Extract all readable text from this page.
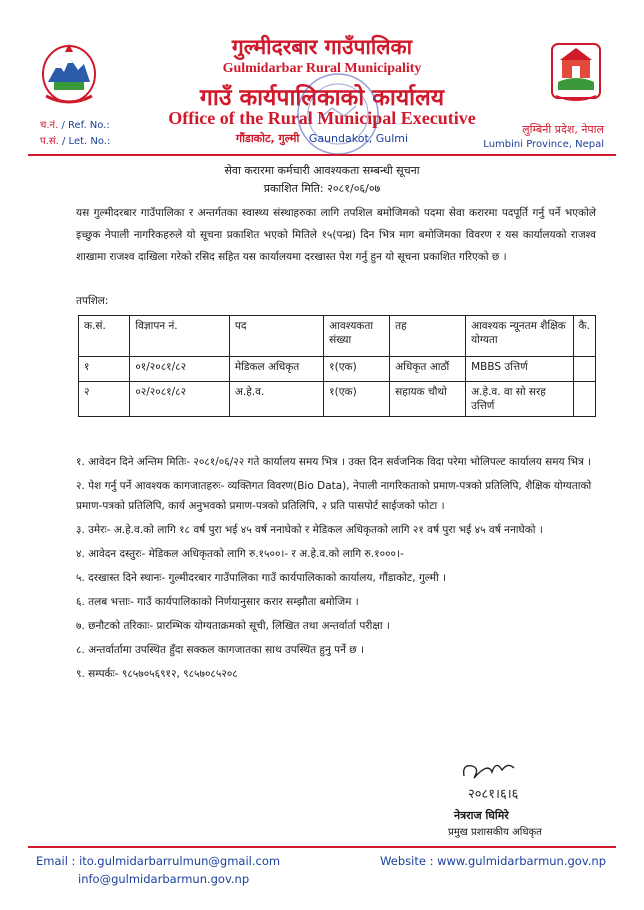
गुल्मीदरबार गाउँपालिका
Gulmidarbar Rural Municipality
गाउँ कार्यपालिकाको कार्यालय
Office of the Rural Municipal Executive
गौंडाकोट, गुल्मी Gaundakot, Gulmi
च.नं. / Ref. No.:
प.सं. / Let. No.:
लुम्बिनी प्रदेश, नेपाल
Lumbini Province, Nepal
सेवा करारमा कर्मचारी आवश्यकता सम्बन्धी सूचना
प्रकाशित मिति: २०८१/०६/०७
यस गुल्मीदरबार गाउँपालिका र अन्तर्गतका स्वास्थ्य संस्थाहरुका लागि तपशिल बमोजिमको पदमा सेवा करारमा पदपूर्ति गर्नु पर्ने भएकोले इच्छुक नेपाली नागरिकहरुले यो सूचना प्रकाशित भएको मितिले १५(पन्ध्र) दिन भित्र माग बमोजिमका विवरण र यस कार्यालयको राजश्व शाखामा राजश्व दाखिला गरेको रसिद सहित यस कार्यालयमा दरखास्त पेश गर्नु हुन यो सूचना प्रकाशित गरिएको छ ।
तपशिल:
क.सं.	विज्ञापन नं.	पद	आवश्यकता संख्या	तह	आवश्यक न्यूनतम शैक्षिक योग्यता	कै.
१	०१/२०८१/८२	मेडिकल अधिकृत	१(एक)	अधिकृत आठौं	MBBS उत्तिर्ण	
२	०२/२०८१/८२	अ.हे.व.	१(एक)	सहायक चौथो	अ.हे.व. वा सो सरह उत्तिर्ण	
१. आवेदन दिने अन्तिम मितिः- २०८१/०६/२२ गते कार्यालय समय भित्र । उक्त दिन सर्वजनिक विदा परेमा भोलिपल्ट कार्यालय समय भित्र ।
२. पेश गर्नु पर्ने आवश्यक कागजातहरुः- व्यक्तिगत विवरण(Bio Data), नेपाली नागरिकताको प्रमाण-पत्रको प्रतिलिपि, शैक्षिक योग्यताको प्रमाण-पत्रको प्रतिलिपि, कार्य अनुभवको प्रमाण-पत्रको प्रतिलिपि, २ प्रति पासपोर्ट साईजको फोटा ।
३. उमेरः- अ.हे.व.को लागि १८ वर्ष पुरा भई ४५ वर्ष ननाघेको र मेडिकल अधिकृतको लागि २१ वर्ष पुरा भई ४५ वर्ष ननाघेको ।
४. आवेदन दस्तुरः- मेडिकल अधिकृतको लागि रु.१५००।- र अ.हे.व.को लागि रु.१०००।-
५. दरखास्त दिने स्थानः- गुल्मीदरबार गाउँपालिका गाउँ कार्यपालिकाको कार्यालय, गौंडाकोट, गुल्मी ।
६. तलब भत्ताः- गाउँ कार्यपालिकाको निर्णयानुसार करार सम्झौता बमोजिम ।
७. छनौटको तरिकाः- प्रारम्भिक योग्यताक्रमको सूची, लिखित तथा अन्तर्वार्ता परीक्षा ।
८. अन्तर्वार्तामा उपस्थित हुँदा सक्कल कागजातका साथ उपस्थित हुनु पर्ने छ ।
९. सम्पर्कः- ९८५७०५६९१२, ९८५७०८५२०८
२०८१।६।६
नेत्रराज घिमिरे
प्रमुख प्रशासकीय अधिकृत
Email : ito.gulmidarbarrulmun@gmail.com
info@gulmidarbarmun.gov.np
Website : www.gulmidarbarmun.gov.np
